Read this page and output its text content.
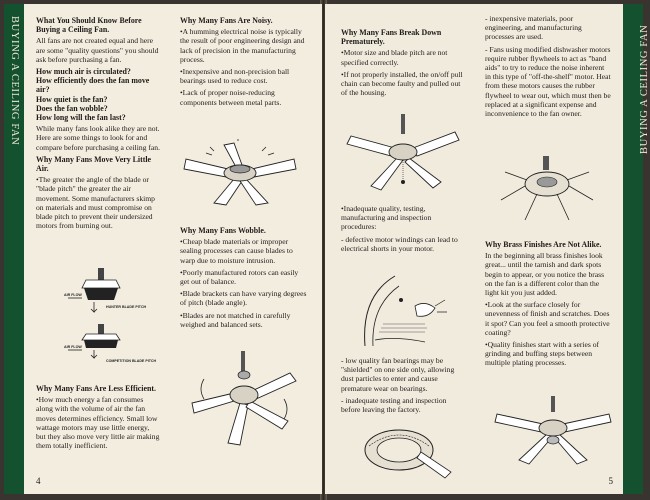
BUYING A CEILING FAN What You Should Know Before Buying a Ceiling Fan.

All fans are not created equal and here are some "quality questions" you should ask before purchasing a fan.

How much air is circulated?
How efficiently does the fan move air?
How quiet is the fan?
Does the fan wobble?
How long will the fan last?

While many fans look alike they are not. Here are some things to look for and compare before purchasing a ceiling fan.

Why Many Fans Move Very Little Air.

• The greater the angle of the blade or "blade pitch" the greater the air movement. Some manufacturers skimp on materials and must compromise on blade pitch to prevent their undersized motors from burning out.

AIR FLOW
HUNTER BLADE PITCH
AIR FLOW
COMPETITION BLADE PITCH
Why Many Fans Are Less Efficient.

• How much energy a fan consumes along with the volume of air the fan moves determines efficiency. Small low wattage motors may use little energy, but they also move very little air making them totally inefficient.

Why Many Fans Are Noisy.

• A humming electrical noise is typically the result of poor engineering design and lack of precision in the manufacturing process.

• Inexpensive and non-precision ball bearings used to reduce cost.

• Lack of proper noise-reducing components between metal parts.

Why Many Fans Wobble.

• Cheap blade materials or improper sealing processes can cause blades to warp due to moisture intrusion.

• Poorly manufactured rotors can easily get out of balance.

• Blade brackets can have varying degrees of pitch (blade angle).

• Blades are not matched in carefully weighed and balanced sets.

4
BUYING A CEILING FAN
Why Many Fans Break Down Prematurely.

• Motor size and blade pitch are not specified correctly.

• If not properly installed, the on/off pull chain can become faulty and pulled out of the housing.

• Inadequate quality, testing, manufacturing and inspection procedures:

- defective motor windings can lead to electrical shorts in your motor.

- low quality fan bearings may be "shielded" on one side only, allowing dust particles to enter and cause premature wear on bearings.

- inadequate testing and inspection before leaving the factory.

- inexpensive materials, poor engineering, and manufacturing processes are used.

- Fans using modified dishwasher motors require rubber flywheels to act as "band aids" to try to reduce the noise inherent in this type of "off-the-shelf" motor. Heat from these motors causes the rubber flywheel to wear out, which must then be replaced at a significant expense and inconvenience to the fan owner.

Why Brass Finishes Are Not Alike.

In the beginning all brass finishes look great... until the tarnish and dark spots begin to appear, or you notice the brass on the fan is a different color than the light kit you just added.

• Look at the surface closely for unevenness of finish and scratches. Does it spot? Can you feel a smooth protective coating?

• Quality finishes start with a series of grinding and buffing steps between multiple plating processes.

5
